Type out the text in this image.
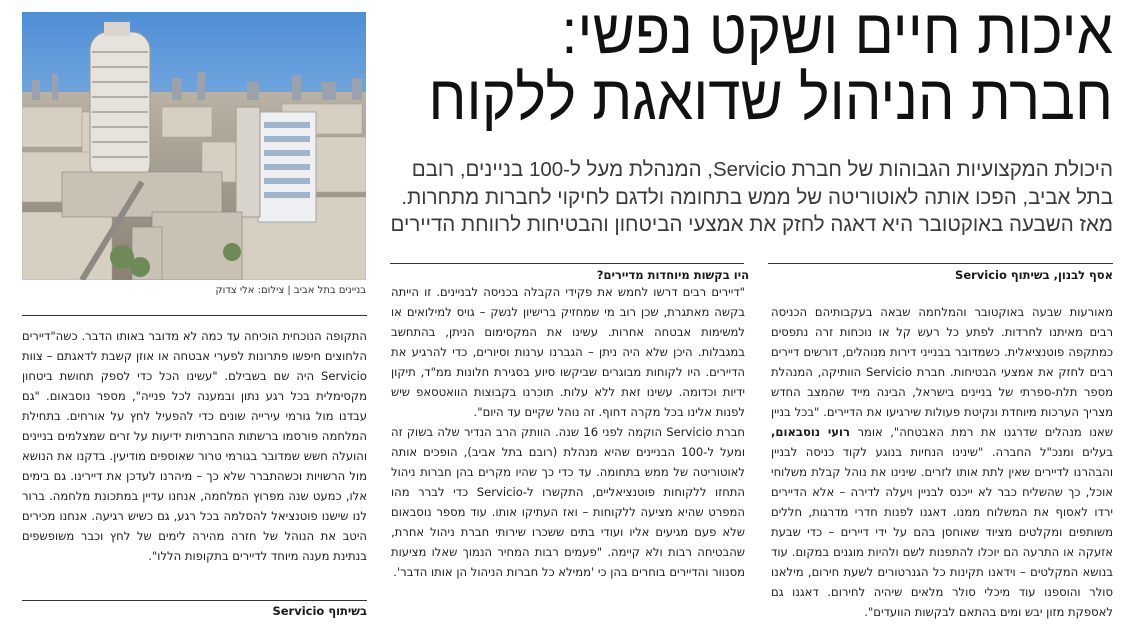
איכות חיים ושקט נפשי:
חברת הניהול שדואגת ללקוח
היכולת המקצועיות הגבוהות של חברת Servicio, המנהלת מעל ל-100 בניינים, רובם
בתל אביב, הפכו אותה לאוטוריטה של ממש בתחומה ולדגם לחיקוי לחברות מתחרות.
מאז השבעה באוקטובר היא דאגה לחזק את אמצעי הביטחון והבטיחות לרווחת הדיירים
בניינים בתל אביב | צילום: אלי צדוק
אסף לבנון, בשיתוף Servicio
היו בקשות מיוחדות מדיירים?

מאורעות שבעה באוקטובר והמלחמה שבאה בעקבותיהם הכניסה רבים מאיתנו לחרדות. לפתע כל רעש קל או נוכחות זרה נתפסים כמתקפה פוטנציאלית. כשמדובר בבנייני דירות מנוהלים, דורשים דיירים רבים לחזק את אמצעי הבטיחות. חברת Servicio הוותיקה, המנהלת מספר תלת-ספרתי של בניינים בישראל, הבינה מייד שהמצב החדש מצריך הערכות מיוחדת ונקיטת פעולות שירגיעו את הדיירים. "בכל בניין שאנו מנהלים שדרגנו את רמת האבטחה", אומר רועי נוסבאום, בעלים ומנכ"ל החברה. "שינינו הנחיות בנוגע לקוד כניסה לבניין והבהרנו לדיירים שאין לתת אותו לזרים. שינינו את נוהל קבלת משלוחי אוכל, כך שהשליח כבר לא ייכנס לבניין ויעלה לדירה – אלא הדיירים ירדו לאסוף את המשלוח ממנו. דאגנו לפנות חדרי מדרגות, חללים משותפים ומקלטים מציוד שאוחסן בהם על ידי דיירים – כדי שבעת אזעקה או התרעה הם יוכלו להתפנות לשם ולהיות מוגנים במקום. עוד בנושא המקלטים – וידאנו תקינות כל הגנרטורים לשעת חירום, מילאנו סולר והוספנו עוד מיכלי סולר מלאים שיהיה לחירום. דאגנו גם לאספקת מזון יבש ומים בהתאם לבקשות הוועדים".

"דיירים רבים דרשו לחמש את פקידי הקבלה בכניסה לבניינים. זו הייתה בקשה מאתגרת, שכן רוב מי שמחזיק ברישיון לנשק – גויס למילואים או למשימות אבטחה אחרות. עשינו את המקסימום הניתן, בהתחשב במגבלות. היכן שלא היה ניתן – הגברנו ערנות וסיורים, כדי להרגיע את הדיירים. היו לקוחות מבוגרים שביקשו סיוע בסגירת חלונות ממ"ד, תיקון ידיות וכדומה. עשינו זאת ללא עלות. תוכרנו בקבוצות הוואטסאפ שיש לפנות אלינו בכל מקרה דחוף. זה נוהל שקיים עד היום".

חברת Servicio הוקמה לפני 16 שנה. הוותק הרב הנדיר שלה בשוק זה ומעל ל-100 הבניינים שהיא מנהלת (רובם בתל אביב), הופכים אותה לאוטוריטה של ממש בתחומה. עד כדי כך שהיו מקרים בהן חברות ניהול התחזו ללקוחות פוטנציאליים, התקשרו ל-Servicio כדי לברר מהו המפרט שהיא מציעה ללקוחות – ואז העתיקו אותו. עוד מספר נוסבאום שלא פעם מגיעים אליו ועודי בתים ששכרו שירותי חברת ניהול אחרת, שהבטיחה רבות ולא קיימה. "פעמים רבות המחיר הנמוך שאלו מציעות מסנוור והדיירים בוחרים בהן כי 'ממילא כל חברות הניהול הן אותו הדבר'.

התקופה הנוכחית הוכיחה עד כמה לא מדובר באותו הדבר. כשה"דיירים הלחוצים חיפשו פתרונות לפערי אבטחה או אוזן קשבת לדאגתם – צוות Servicio היה שם בשבילם. "עשינו הכל כדי לספק תחושת ביטחון מקסימלית בכל רגע נתון ובמענה לכל פנייה", מספר נוסבאום. "גם עבדנו מול גורמי עירייה שונים כדי להפעיל לחץ על אורחים. בתחילת המלחמה פורסמו ברשתות החברתיות ידיעות על זרים שמצלמים בניינים והועלה חשש שמדובר בגורמי טרור שאוספים מודיעין. בדקנו את הנושא מול הרשויות וכשהתברר שלא כך – מיהרנו לעדכן את דיירינו. גם בימים אלו, כמעט שנה מפרוץ המלחמה, אנחנו עדיין במתכונת מלחמה. ברור לנו שישנו פוטנציאל להסלמה בכל רגע, גם כשיש רגיעה. אנחנו מכירים היטב את הנוהל של חזרה מהירה לימים של לחץ וכבר משופשפים בנתינת מענה מיוחד לדיירים בתקופות הללו".

בשיתוף Servicio
